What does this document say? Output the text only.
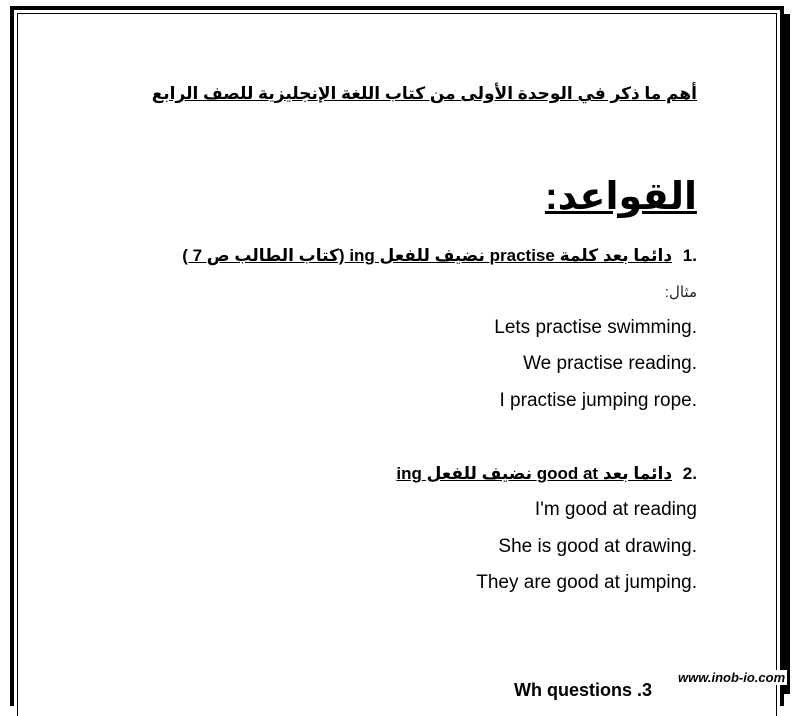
أهم ما ذكر في الوحدة الأولى من كتاب اللغة الإنجليزية للصف الرابع
القواعد:
.1 دائما بعد كلمة practise نضيف للفعل ing (كتاب الطالب ص 7 )
مثال:
Lets practise swimming.
We practise reading.
I practise jumping rope.
.2 دائما بعد good at نضيف للفعل ing
I'm good at reading
She is good at drawing.
They are good at jumping.
Wh questions .3
www.inob-io.com
